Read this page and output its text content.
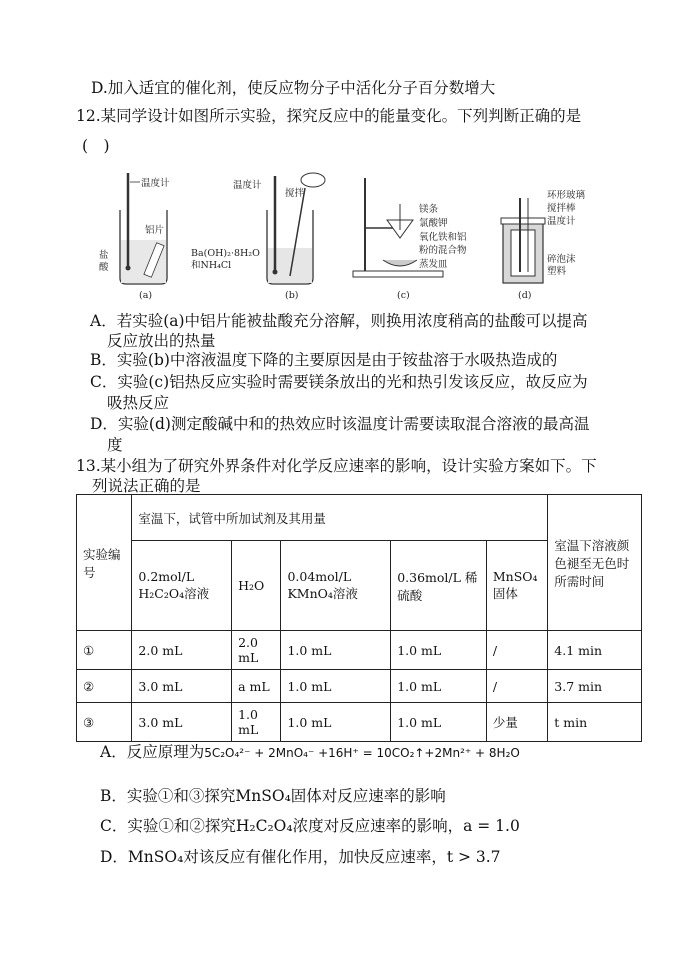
D.加入适宜的催化剂，使反应物分子中活化分子百分数增大
12.某同学设计如图所示实验，探究反应中的能量变化。下列判断正确的是
(　)
温度计
铝片
盐
酸
(a)
温度计
搅拌
Ba(OH)₂·8H₂O
和NH₄Cl
(b)
镁条
氯酸钾
氧化铁和铝
粉的混合物
蒸发皿
(c)
环形玻璃
搅拌棒
温度计
碎泡沫
塑料
(d)
A．若实验(a)中铝片能被盐酸充分溶解，则换用浓度稍高的盐酸可以提高
反应放出的热量
B．实验(b)中溶液温度下降的主要原因是由于铵盐溶于水吸热造成的
C．实验(c)铝热反应实验时需要镁条放出的光和热引发该反应，故反应为
吸热反应
D．实验(d)测定酸碱中和的热效应时该温度计需要读取混合溶液的最高温
度
13.某小组为了研究外界条件对化学反应速率的影响，设计实验方案如下。下
列说法正确的是
实验编号	室温下，试管中所加试剂及其用量					室温下溶液颜色褪至无色时所需时间
	0.2mol/L H₂C₂O₄溶液	H₂O	0.04mol/L KMnO₄溶液	0.36mol/L 稀硫酸	MnSO₄固体	
①	2.0 mL	2.0 mL	1.0 mL	1.0 mL	/	4.1 min
②	3.0 mL	a mL	1.0 mL	1.0 mL	/	3.7 min
③	3.0 mL	1.0 mL	1.0 mL	1.0 mL	少量	t min
A．反应原理为5C₂O₄²⁻ + 2MnO₄⁻ +16H⁺ = 10CO₂↑+2Mn²⁺ + 8H₂O
B．实验①和③探究MnSO₄固体对反应速率的影响
C．实验①和②探究H₂C₂O₄浓度对反应速率的影响，a = 1.0
D．MnSO₄对该反应有催化作用，加快反应速率，t > 3.7
